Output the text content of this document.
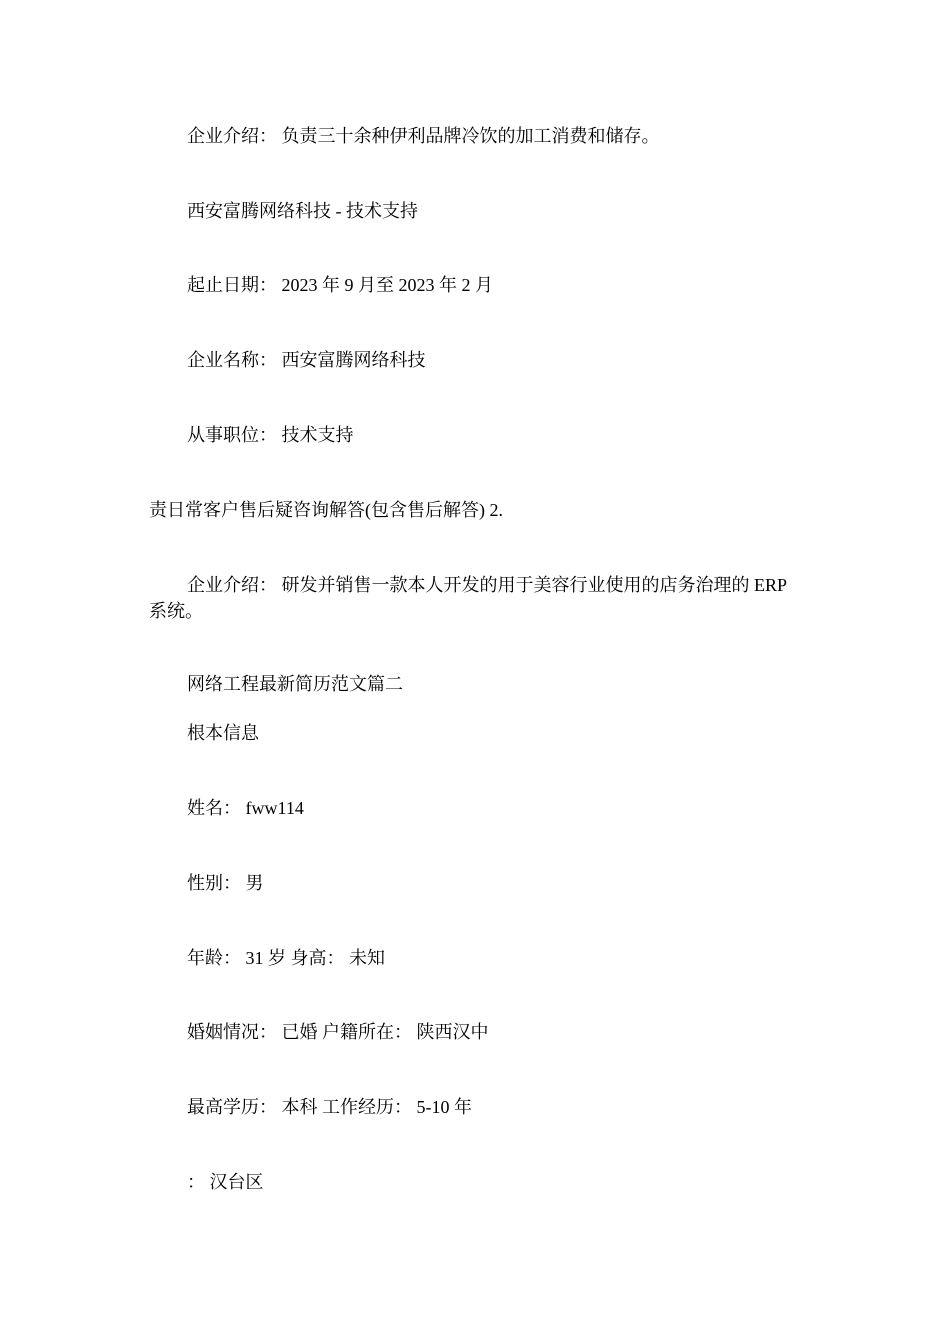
企业介绍： 负责三十余种伊利品牌冷饮的加工消费和储存。
西安富腾网络科技 - 技术支持
起止日期： 2023 年 9 月至 2023 年 2 月
企业名称： 西安富腾网络科技
从事职位： 技术支持
责日常客户售后疑咨询解答(包含售后解答) 2.
企业介绍： 研发并销售一款本人开发的用于美容行业使用的店务治理的 ERP 系统。
网络工程最新简历范文篇二
根本信息
姓名： fww114
性别： 男
年龄： 31 岁 身高： 未知
婚姻情况： 已婚 户籍所在： 陕西汉中
最高学历： 本科 工作经历： 5-10 年
： 汉台区
